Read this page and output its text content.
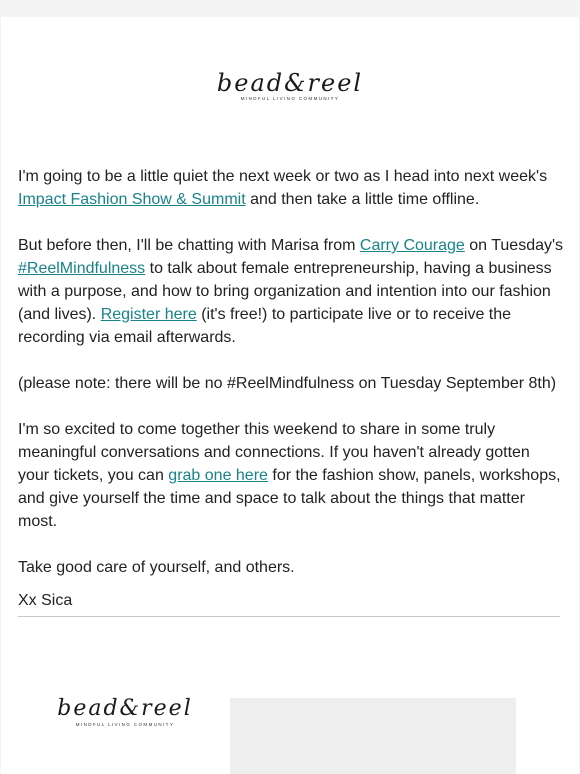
bead&reel
MINDFUL LIVING COMMUNITY

I'm going to be a little quiet the next week or two as I head into next week's Impact Fashion Show & Summit and then take a little time offline.

But before then, I'll be chatting with Marisa from Carry Courage on Tuesday's #ReelMindfulness to talk about female entrepreneurship, having a business with a purpose, and how to bring organization and intention into our fashion (and lives). Register here (it's free!) to participate live or to receive the recording via email afterwards.

(please note: there will be no #ReelMindfulness on Tuesday September 8th)

I'm so excited to come together this weekend to share in some truly meaningful conversations and connections. If you haven't already gotten your tickets, you can grab one here for the fashion show, panels, workshops, and give yourself the time and space to talk about the things that matter most.

Take good care of yourself, and others.

Xx Sica

bead&reel
MINDFUL LIVING COMMUNITY
